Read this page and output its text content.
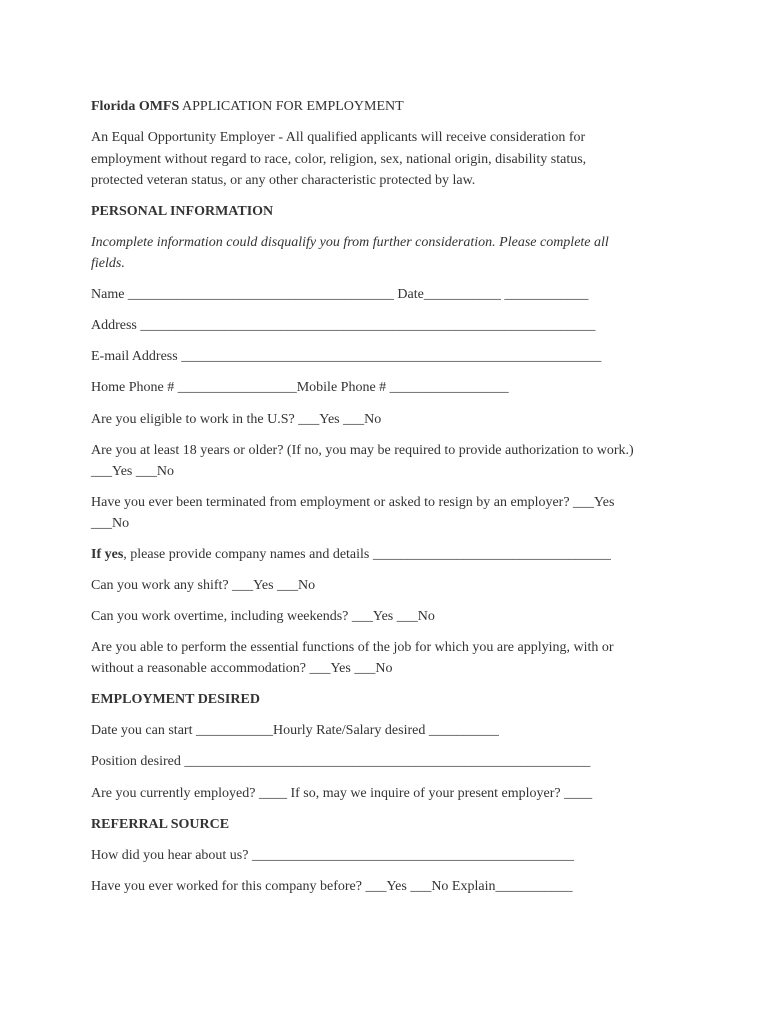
Florida OMFS APPLICATION FOR EMPLOYMENT
An Equal Opportunity Employer - All qualified applicants will receive consideration for
employment without regard to race, color, religion, sex, national origin, disability status,
protected veteran status, or any other characteristic protected by law.
PERSONAL INFORMATION
Incomplete information could disqualify you from further consideration. Please complete all
fields.
Name ______________________________________ Date___________ ____________
Address _________________________________________________________________
E-mail Address ____________________________________________________________
Home Phone # _________________Mobile Phone # _________________
Are you eligible to work in the U.S? ___Yes ___No
Are you at least 18 years or older? (If no, you may be required to provide authorization to work.)
___Yes ___No
Have you ever been terminated from employment or asked to resign by an employer? ___Yes
___No
If yes, please provide company names and details __________________________________
Can you work any shift? ___Yes ___No
Can you work overtime, including weekends? ___Yes ___No
Are you able to perform the essential functions of the job for which you are applying, with or
without a reasonable accommodation? ___Yes ___No
EMPLOYMENT DESIRED
Date you can start ___________Hourly Rate/Salary desired __________
Position desired __________________________________________________________
Are you currently employed? ____ If so, may we inquire of your present employer? ____
REFERRAL SOURCE
How did you hear about us? ______________________________________________
Have you ever worked for this company before? ___Yes ___No Explain___________
